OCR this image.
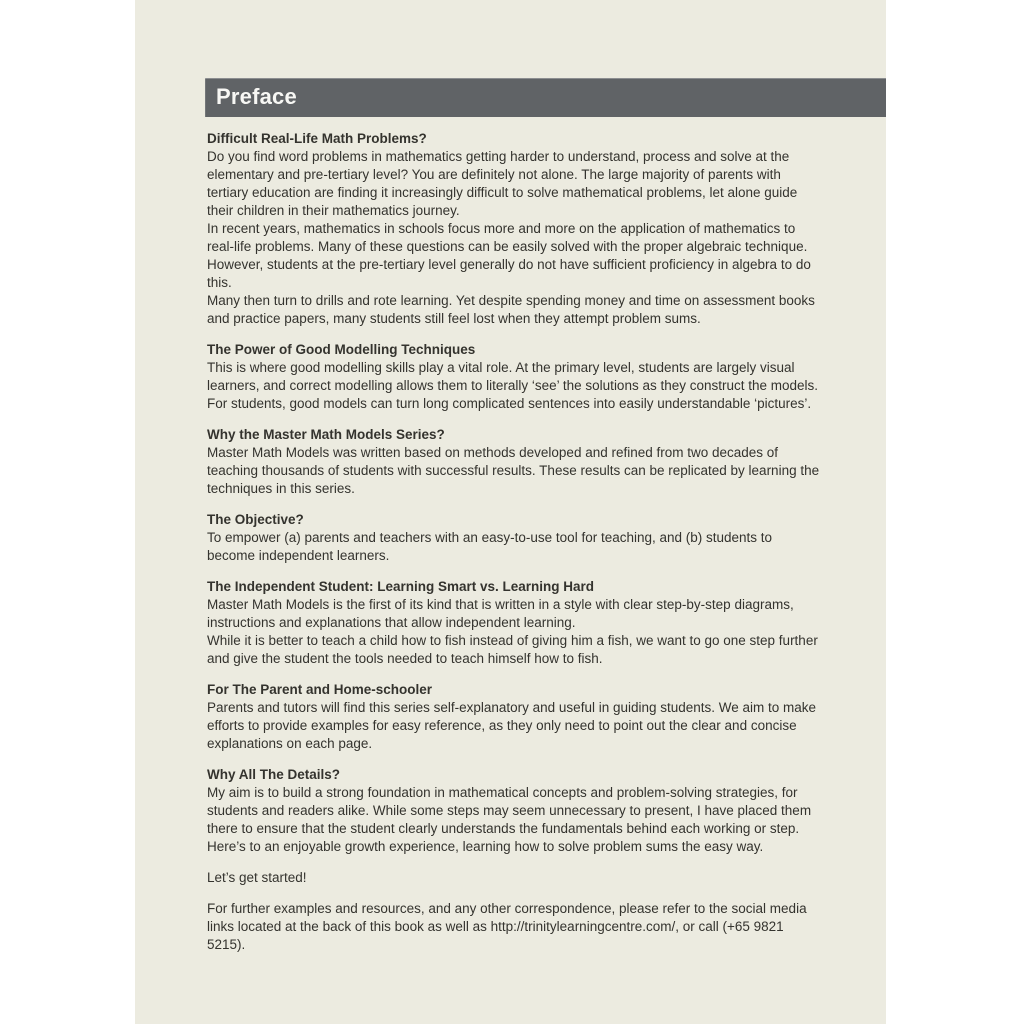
Preface
Difficult Real-Life Math Problems?

Do you find word problems in mathematics getting harder to understand, process and solve at the elementary and pre-tertiary level? You are definitely not alone. The large majority of parents with tertiary education are finding it increasingly difficult to solve mathematical problems, let alone guide their children in their mathematics journey.

In recent years, mathematics in schools focus more and more on the application of mathematics to real-life problems. Many of these questions can be easily solved with the proper algebraic technique. However, students at the pre-tertiary level generally do not have sufficient proficiency in algebra to do this.

Many then turn to drills and rote learning. Yet despite spending money and time on assessment books and practice papers, many students still feel lost when they attempt problem sums.

The Power of Good Modelling Techniques

This is where good modelling skills play a vital role. At the primary level, students are largely visual learners, and correct modelling allows them to literally ‘see’ the solutions as they construct the models. For students, good models can turn long complicated sentences into easily understandable ‘pictures’.

Why the Master Math Models Series?

Master Math Models was written based on methods developed and refined from two decades of teaching thousands of students with successful results. These results can be replicated by learning the techniques in this series.

The Objective?

To empower (a) parents and teachers with an easy-to-use tool for teaching, and (b) students to become independent learners.

The Independent Student: Learning Smart vs. Learning Hard

Master Math Models is the first of its kind that is written in a style with clear step-by-step diagrams, instructions and explanations that allow independent learning.

While it is better to teach a child how to fish instead of giving him a fish, we want to go one step further and give the student the tools needed to teach himself how to fish.

For The Parent and Home-schooler

Parents and tutors will find this series self-explanatory and useful in guiding students. We aim to make efforts to provide examples for easy reference, as they only need to point out the clear and concise explanations on each page.

Why All The Details?

My aim is to build a strong foundation in mathematical concepts and problem-solving strategies, for students and readers alike. While some steps may seem unnecessary to present, I have placed them there to ensure that the student clearly understands the fundamentals behind each working or step.

Here’s to an enjoyable growth experience, learning how to solve problem sums the easy way.

Let’s get started!

For further examples and resources, and any other correspondence, please refer to the social media links located at the back of this book as well as http://trinitylearningcentre.com/, or call (+65 9821 5215).
